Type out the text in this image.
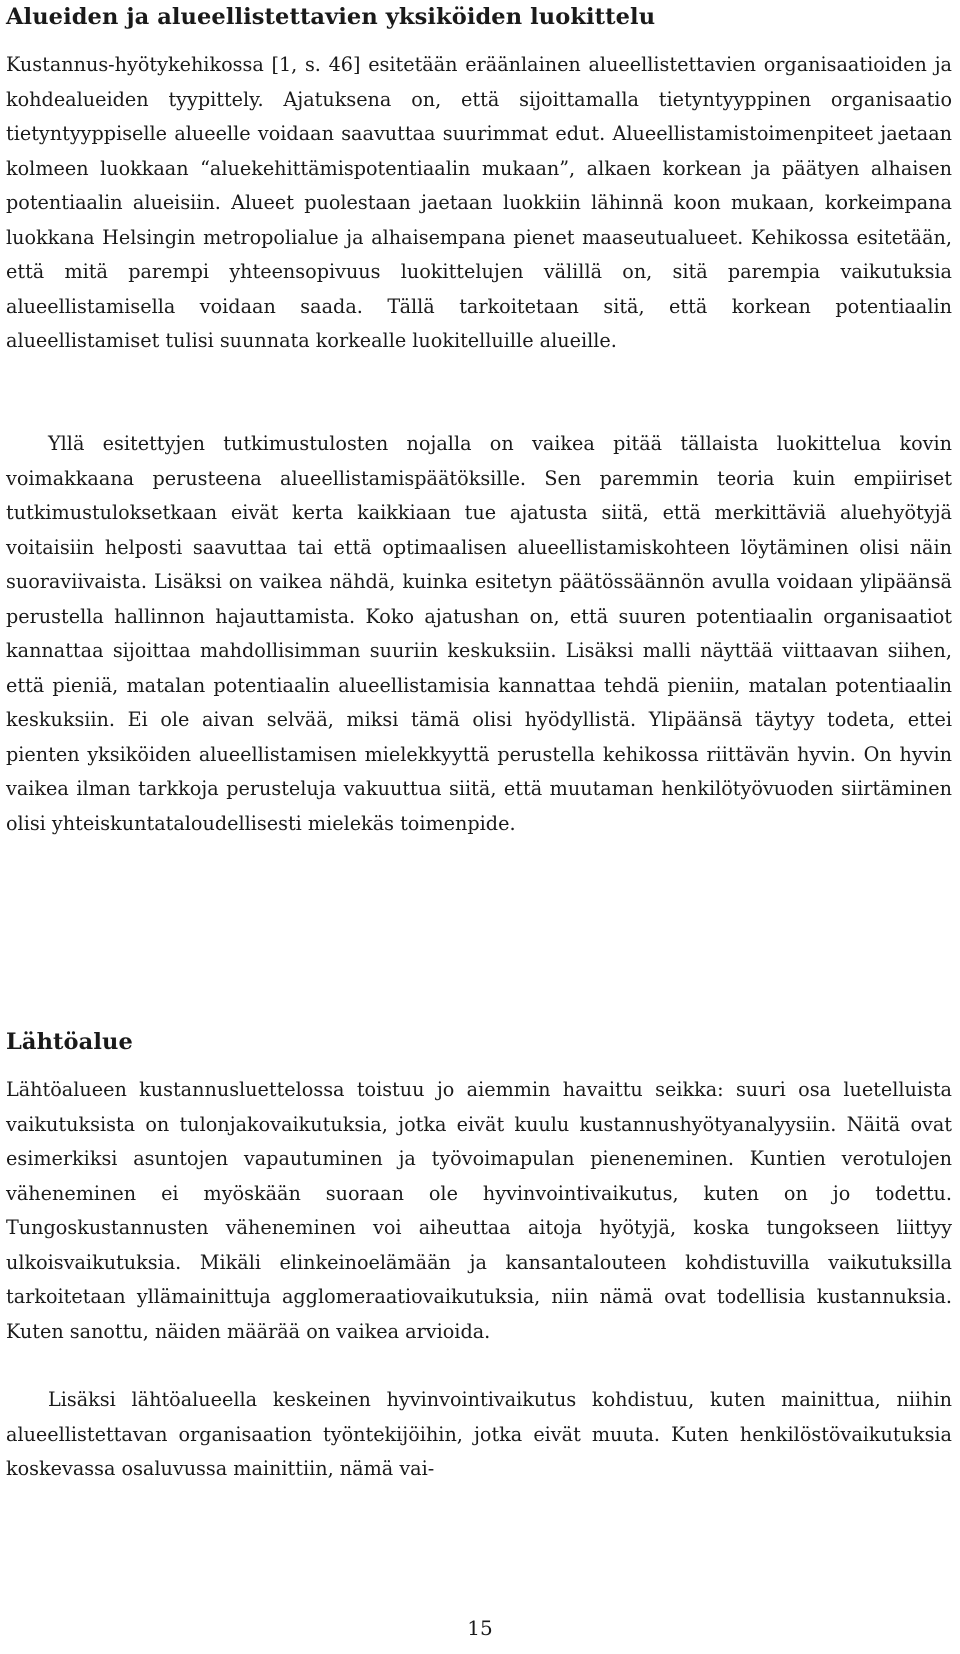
Alueiden ja alueellistettavien yksiköiden luokittelu

Kustannus-hyötykehikossa [1, s. 46] esitetään eräänlainen alueellistettavien organisaatioiden ja kohdealueiden tyypittely. Ajatuksena on, että sijoittamalla tietyntyyppinen organisaatio tietyntyyppiselle alueelle voidaan saavuttaa suurimmat edut. Alueellistamistoimenpiteet jaetaan kolmeen luokkaan “aluekehittämispotentiaalin mukaan”, alkaen korkean ja päätyen alhaisen potentiaalin alueisiin. Alueet puolestaan jaetaan luokkiin lähinnä koon mukaan, korkeimpana luokkana Helsingin metropolialue ja alhaisempana pienet maaseutualueet. Kehikossa esitetään, että mitä parempi yhteensopivuus luokittelujen välillä on, sitä parempia vaikutuksia alueellistamisella voidaan saada. Tällä tarkoitetaan sitä, että korkean potentiaalin alueellistamiset tulisi suunnata korkealle luokitelluille alueille.

Yllä esitettyjen tutkimustulosten nojalla on vaikea pitää tällaista luokittelua kovin voimakkaana perusteena alueellistamispäätöksille. Sen paremmin teoria kuin empiiriset tutkimustuloksetkaan eivät kerta kaikkiaan tue ajatusta siitä, että merkittäviä aluehyötyjä voitaisiin helposti saavuttaa tai että optimaalisen alueellistamiskohteen löytäminen olisi näin suoraviivaista. Lisäksi on vaikea nähdä, kuinka esitetyn päätössäännön avulla voidaan ylipäänsä perustella hallinnon hajauttamista. Koko ajatushan on, että suuren potentiaalin organisaatiot kannattaa sijoittaa mahdollisimman suuriin keskuksiin. Lisäksi malli näyttää viittaavan siihen, että pieniä, matalan potentiaalin alueellistamisia kannattaa tehdä pieniin, matalan potentiaalin keskuksiin. Ei ole aivan selvää, miksi tämä olisi hyödyllistä. Ylipäänsä täytyy todeta, ettei pienten yksiköiden alueellistamisen mielekkyyttä perustella kehikossa riittävän hyvin. On hyvin vaikea ilman tarkkoja perusteluja vakuuttua siitä, että muutaman henkilötyövuoden siirtäminen olisi yhteiskuntataloudellisesti mielekäs toimenpide.

Lähtöalue

Lähtöalueen kustannusluettelossa toistuu jo aiemmin havaittu seikka: suuri osa luetelluista vaikutuksista on tulonjakovaikutuksia, jotka eivät kuulu kustannushyötyanalyysiin. Näitä ovat esimerkiksi asuntojen vapautuminen ja työvoimapulan pieneneminen. Kuntien verotulojen väheneminen ei myöskään suoraan ole hyvinvointivaikutus, kuten on jo todettu. Tungoskustannusten väheneminen voi aiheuttaa aitoja hyötyjä, koska tungokseen liittyy ulkoisvaikutuksia. Mikäli elinkeinoelämään ja kansantalouteen kohdistuvilla vaikutuksilla tarkoitetaan yllämainittuja agglomeraatiovaikutuksia, niin nämä ovat todellisia kustannuksia. Kuten sanottu, näiden määrää on vaikea arvioida.

Lisäksi lähtöalueella keskeinen hyvinvointivaikutus kohdistuu, kuten mainittua, niihin alueellistettavan organisaation työntekijöihin, jotka eivät muuta. Kuten henkilöstövaikutuksia koskevassa osaluvussa mainittiin, nämä vai-

15
